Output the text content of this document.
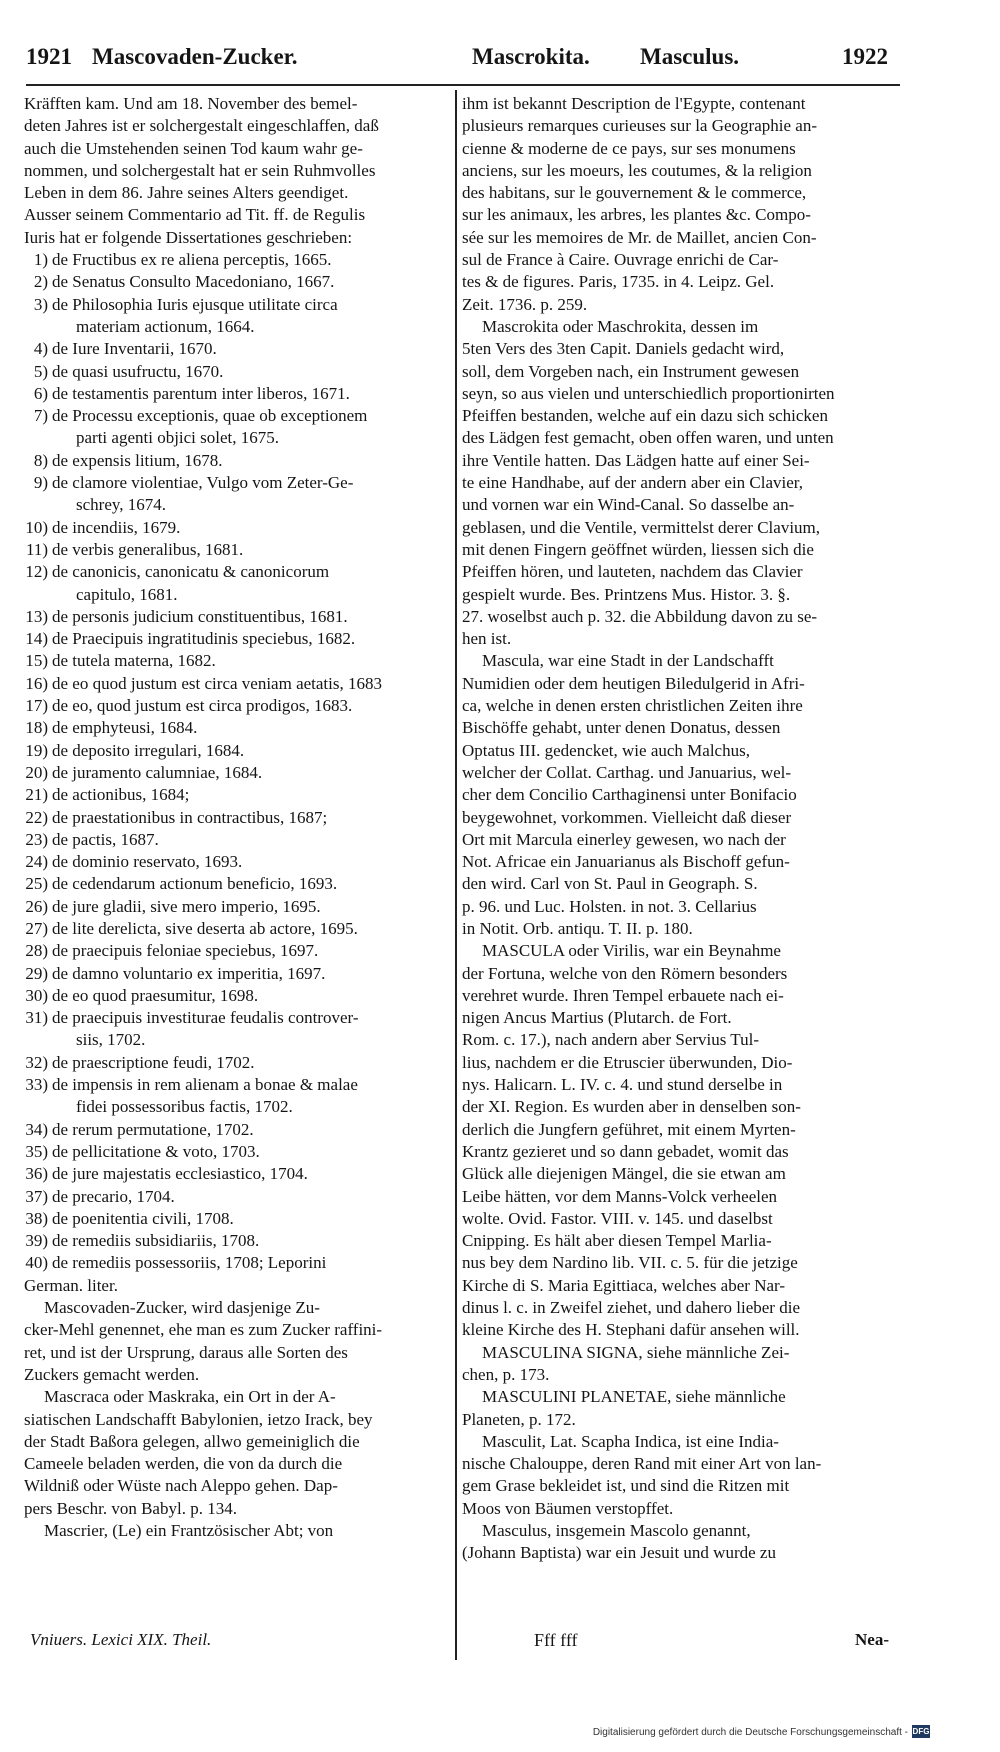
1921 Mascovaden-Zucker.	Mascrokita. Masculus.	1922
Kräfften kam. Und am 18. November des bemel-
deten Jahres ist er solchergestalt eingeschlaffen, daß
auch die Umstehenden seinen Tod kaum wahr ge-
nommen, und solchergestalt hat er sein Ruhmvolles
Leben in dem 86. Jahre seines Alters geendiget.
Ausser seinem Commentario ad Tit. ff. de Regulis
Iuris hat er folgende Dissertationes geschrieben:
1) de Fructibus ex re aliena perceptis, 1665.
2) de Senatus Consulto Macedoniano, 1667.
3) de Philosophia Iuris ejusque utilitate circa
materiam actionum, 1664.
4) de Iure Inventarii, 1670.
5) de quasi usufructu, 1670.
6) de testamentis parentum inter liberos, 1671.
7) de Processu exceptionis, quae ob exceptionem
parti agenti objici solet, 1675.
8) de expensis litium, 1678.
9) de clamore violentiae, Vulgo vom Zeter-Ge-
schrey, 1674.
10) de incendiis, 1679.
11) de verbis generalibus, 1681.
12) de canonicis, canonicatu & canonicorum
capitulo, 1681.
13) de personis judicium constituentibus, 1681.
14) de Praecipuis ingratitudinis speciebus, 1682.
15) de tutela materna, 1682.
16) de eo quod justum est circa veniam aetatis, 1683
17) de eo, quod justum est circa prodigos, 1683.
18) de emphyteusi, 1684.
19) de deposito irregulari, 1684.
20) de juramento calumniae, 1684.
21) de actionibus, 1684;
22) de praestationibus in contractibus, 1687;
23) de pactis, 1687.
24) de dominio reservato, 1693.
25) de cedendarum actionum beneficio, 1693.
26) de jure gladii, sive mero imperio, 1695.
27) de lite derelicta, sive deserta ab actore, 1695.
28) de praecipuis feloniae speciebus, 1697.
29) de damno voluntario ex imperitia, 1697.
30) de eo quod praesumitur, 1698.
31) de praecipuis investiturae feudalis controver-
siis, 1702.
32) de praescriptione feudi, 1702.
33) de impensis in rem alienam a bonae & malae
fidei possessoribus factis, 1702.
34) de rerum permutatione, 1702.
35) de pellicitatione & voto, 1703.
36) de jure majestatis ecclesiastico, 1704.
37) de precario, 1704.
38) de poenitentia civili, 1708.
39) de remediis subsidiariis, 1708.
40) de remediis possessoriis, 1708; Leporini
German. liter.
Mascovaden-Zucker, wird dasjenige Zu-
cker-Mehl genennet, ehe man es zum Zucker raffini-
ret, und ist der Ursprung, daraus alle Sorten des
Zuckers gemacht werden.
Mascraca oder Maskraka, ein Ort in der A-
siatischen Landschafft Babylonien, ietzo Irack, bey
der Stadt Baßora gelegen, allwo gemeiniglich die
Cameele beladen werden, die von da durch die
Wildniß oder Wüste nach Aleppo gehen. Dap-
pers Beschr. von Babyl. p. 134.
Mascrier, (Le) ein Frantzösischer Abt; von
ihm ist bekannt Description de l'Egypte, contenant
plusieurs remarques curieuses sur la Geographie an-
cienne & moderne de ce pays, sur ses monumens
anciens, sur les moeurs, les coutumes, & la religion
des habitans, sur le gouvernement & le commerce,
sur les animaux, les arbres, les plantes &c. Compo-
sée sur les memoires de Mr. de Maillet, ancien Con-
sul de France à Caire. Ouvrage enrichi de Car-
tes & de figures. Paris, 1735. in 4. Leipz. Gel.
Zeit. 1736. p. 259.
Mascrokita oder Maschrokita, dessen im
5ten Vers des 3ten Capit. Daniels gedacht wird,
soll, dem Vorgeben nach, ein Instrument gewesen
seyn, so aus vielen und unterschiedlich proportionirten
Pfeiffen bestanden, welche auf ein dazu sich schicken
des Lädgen fest gemacht, oben offen waren, und unten
ihre Ventile hatten. Das Lädgen hatte auf einer Sei-
te eine Handhabe, auf der andern aber ein Clavier,
und vornen war ein Wind-Canal. So dasselbe an-
geblasen, und die Ventile, vermittelst derer Clavium,
mit denen Fingern geöffnet würden, liessen sich die
Pfeiffen hören, und lauteten, nachdem das Clavier
gespielt wurde. Bes. Printzens Mus. Histor. 3. §.
27. woselbst auch p. 32. die Abbildung davon zu se-
hen ist.
Mascula, war eine Stadt in der Landschafft
Numidien oder dem heutigen Biledulgerid in Afri-
ca, welche in denen ersten christlichen Zeiten ihre
Bischöffe gehabt, unter denen Donatus, dessen
Optatus III. gedencket, wie auch Malchus,
welcher der Collat. Carthag. und Januarius, wel-
cher dem Concilio Carthaginensi unter Bonifacio
beygewohnet, vorkommen. Vielleicht daß dieser
Ort mit Marcula einerley gewesen, wo nach der
Not. Africae ein Januarianus als Bischoff gefun-
den wird. Carl von St. Paul in Geograph. S.
p. 96. und Luc. Holsten. in not. 3. Cellarius
in Notit. Orb. antiqu. T. II. p. 180.
MASCULA oder Virilis, war ein Beynahme
der Fortuna, welche von den Römern besonders
verehret wurde. Ihren Tempel erbauete nach ei-
nigen Ancus Martius (Plutarch. de Fort.
Rom. c. 17.), nach andern aber Servius Tul-
lius, nachdem er die Etruscier überwunden, Dio-
nys. Halicarn. L. IV. c. 4. und stund derselbe in
der XI. Region. Es wurden aber in denselben son-
derlich die Jungfern geführet, mit einem Myrten-
Krantz gezieret und so dann gebadet, womit das
Glück alle diejenigen Mängel, die sie etwan am
Leibe hätten, vor dem Manns-Volck verheelen
wolte. Ovid. Fastor. VIII. v. 145. und daselbst
Cnipping. Es hält aber diesen Tempel Marlia-
nus bey dem Nardino lib. VII. c. 5. für die jetzige
Kirche di S. Maria Egittiaca, welches aber Nar-
dinus l. c. in Zweifel ziehet, und dahero lieber die
kleine Kirche des H. Stephani dafür ansehen will.
MASCULINA SIGNA, siehe männliche Zei-
chen, p. 173.
MASCULINI PLANETAE, siehe männliche
Planeten, p. 172.
Masculit, Lat. Scapha Indica, ist eine India-
nische Chalouppe, deren Rand mit einer Art von lan-
gem Grase bekleidet ist, und sind die Ritzen mit
Moos von Bäumen verstopffet.
Masculus, insgemein Mascolo genannt,
(Johann Baptista) war ein Jesuit und wurde zu
Vniuers. Lexici XIX. Theil.	Fff fff	Nea-
Digitalisierung gefördert durch die Deutsche Forschungsgemeinschaft - DFG
